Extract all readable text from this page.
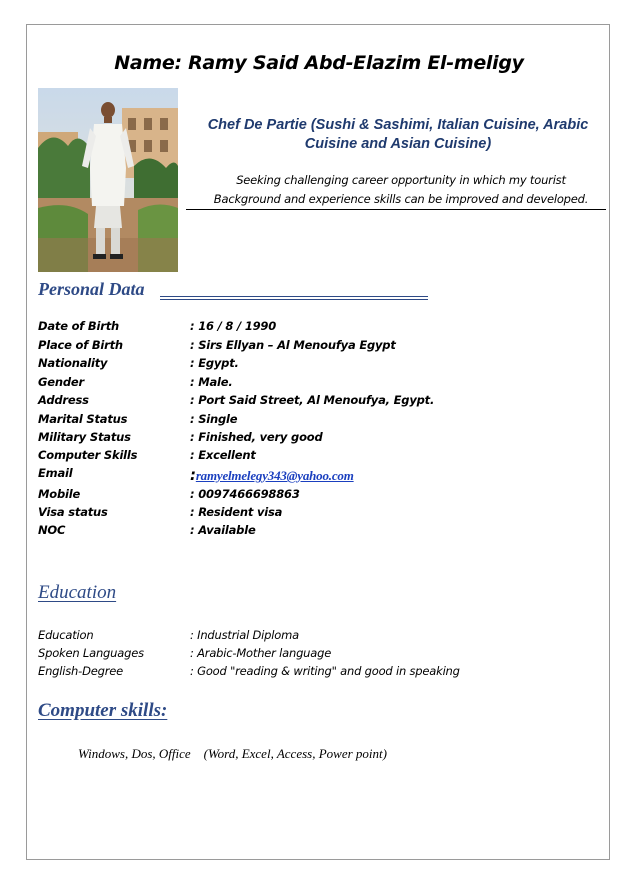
Name: Ramy Said Abd-Elazim El-meligy
Chef De Partie (Sushi & Sashimi, Italian Cuisine, Arabic Cuisine and Asian Cuisine)
Seeking challenging career opportunity in which my tourist
Background and experience skills can be improved and developed.
Personal Data
Date of Birth	: 16 / 8 / 1990
Place of Birth	: Sirs Ellyan – Al Menoufya Egypt
Nationality	: Egypt.
Gender	: Male.
Address	: Port Said Street, Al Menoufya, Egypt.
Marital Status	: Single
Military Status	: Finished, very good
Computer Skills	: Excellent
Email	:ramyelmelegy343@yahoo.com
Mobile	: 0097466698863
Visa status	: Resident visa
NOC	: Available
Education
Education	: Industrial Diploma
Spoken Languages	: Arabic-Mother language
English-Degree	: Good "reading & writing" and good in speaking
Computer skills:
Windows, Dos, Office    (Word, Excel, Access, Power point)
